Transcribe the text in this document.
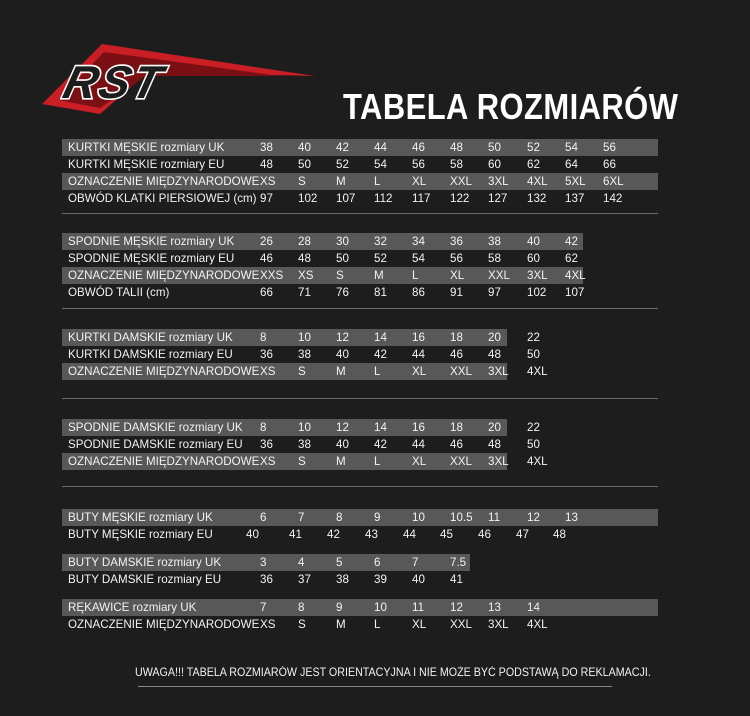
RST	TABELA ROZMIARÓW
KURTKI MĘSKIE rozmiary UK	38 40 42 44 46 48 50 52 54 56
KURTKI MĘSKIE rozmiary EU	48 50 52 54 56 58 60 62 64 66
OZNACZENIE MIĘDZYNARODOWE XS S	M L	XL XXL 3XL 4XL 5XL 6XL
OBWÓD KLATKI PIERSIOWEJ (cm) 97 102 107 112 117 122 127 132 137 142
SPODNIE MĘSKIE rozmiary UK 26 28 30 32 34 36 38 40 42
SPODNIE MĘSKIE rozmiary EU 46 48 50 52 54 56 58 60 62
OZNACZENIE MIĘDZYNARODOWE XXS XS S	M L	XL XXL 3XL 4XL
OBWÓD TALII (cm)	66 71 76 81 86 91 97 102 107
KURTKI DAMSKIE rozmiary UK 8	10 12 14 16 18 20 22
KURTKI DAMSKIE rozmiary EU 36 38 40 42 44 46 48 50
OZNACZENIE MIĘDZYNARODOWE XS S	M L	XL XXL 3XL 4XL
SPODNIE DAMSKIE rozmiary UK 8	10 12 14 16 18 20 22
SPODNIE DAMSKIE rozmiary EU 36 38 40 42 44 46 48 50
OZNACZENIE MIĘDZYNARODOWE XS S	M L	XL XXL 3XL 4XL
BUTY MĘSKIE rozmiary UK	6	7	8	9	10 10.5 11 12 13
BUTY MĘSKIE rozmiary EU	40	41 42 43 44 45 46 47 48
BUTY DAMSKIE rozmiary UK	3	4	5	6	7	7.5
BUTY DAMSKIE rozmiary EU	36 37 38 39 40 41
RĘKAWICE rozmiary UK	7	8	9	10 11 12 13 14
OZNACZENIE MIĘDZYNARODOWE XS S	M L	XL XXL 3XL 4XL
UWAGA!!! TABELA ROZMIARÓW JEST ORIENTACYJNA I NIE MOŻE BYĆ PODSTAWĄ DO REKLAMACJI.
